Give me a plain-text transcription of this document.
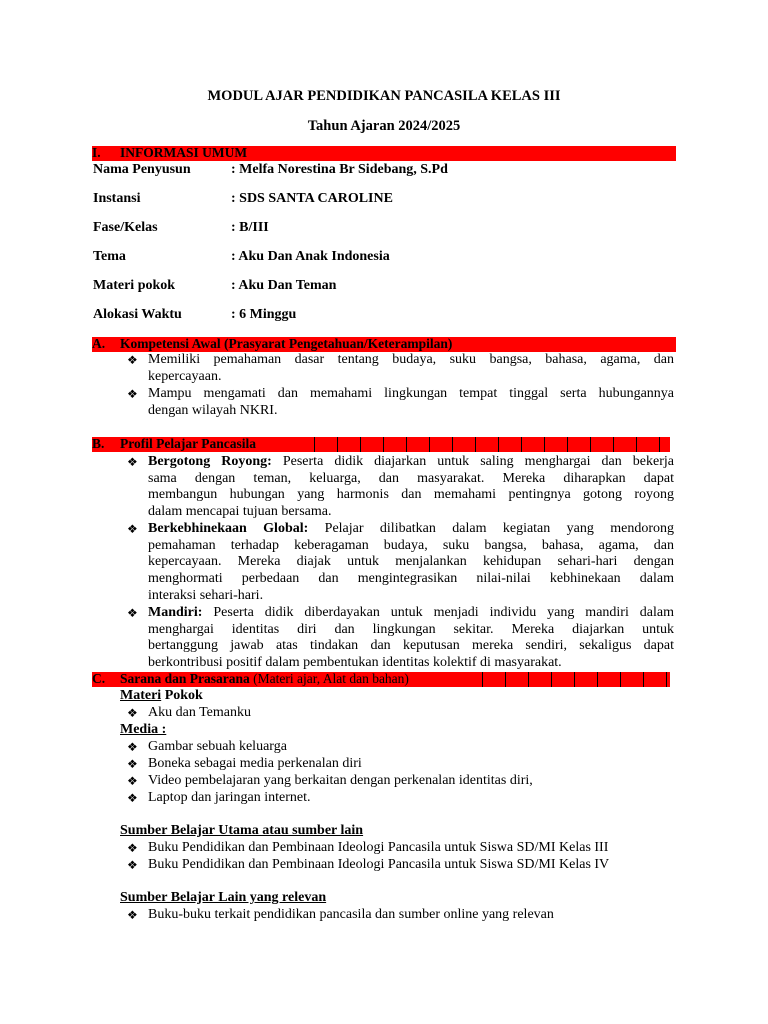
MODUL AJAR PENDIDIKAN PANCASILA KELAS III
Tahun Ajaran 2024/2025
I. INFORMASI UMUM
Nama Penyusun	: Melfa Norestina Br Sidebang, S.Pd
Instansi	: SDS SANTA CAROLINE
Fase/Kelas	: B/III
Tema	: Aku Dan Anak Indonesia
Materi pokok	: Aku Dan Teman
Alokasi Waktu	: 6 Minggu
A. Kompetensi Awal (Prasyarat Pengetahuan/Keterampilan)
❖ Memiliki pemahaman dasar tentang budaya, suku bangsa, bahasa, agama, dan
kepercayaan.
❖ Mampu mengamati dan memahami lingkungan tempat tinggal serta hubungannya
dengan wilayah NKRI.
B. Profil Pelajar Pancasila
❖ Bergotong Royong: Peserta didik diajarkan untuk saling menghargai dan bekerja
sama dengan teman, keluarga, dan masyarakat. Mereka diharapkan dapat
membangun hubungan yang harmonis dan memahami pentingnya gotong royong
dalam mencapai tujuan bersama.
❖ Berkebhinekaan Global: Pelajar dilibatkan dalam kegiatan yang mendorong
pemahaman terhadap keberagaman budaya, suku bangsa, bahasa, agama, dan
kepercayaan. Mereka diajak untuk menjalankan kehidupan sehari-hari dengan
menghormati perbedaan dan mengintegrasikan nilai-nilai kebhinekaan dalam
interaksi sehari-hari.
❖ Mandiri: Peserta didik diberdayakan untuk menjadi individu yang mandiri dalam
menghargai identitas diri dan lingkungan sekitar. Mereka diajarkan untuk
bertanggung jawab atas tindakan dan keputusan mereka sendiri, sekaligus dapat
berkontribusi positif dalam pembentukan identitas kolektif di masyarakat.
C. Sarana dan Prasarana (Materi ajar, Alat dan bahan)
Materi Pokok
❖ Aku dan Temanku
Media :
❖ Gambar sebuah keluarga
❖ Boneka sebagai media perkenalan diri
❖ Video pembelajaran yang berkaitan dengan perkenalan identitas diri,
❖ Laptop dan jaringan internet.
Sumber Belajar Utama atau sumber lain
❖ Buku Pendidikan dan Pembinaan Ideologi Pancasila untuk Siswa SD/MI Kelas III
❖ Buku Pendidikan dan Pembinaan Ideologi Pancasila untuk Siswa SD/MI Kelas IV
Sumber Belajar Lain yang relevan
❖ Buku-buku terkait pendidikan pancasila dan sumber online yang relevan
